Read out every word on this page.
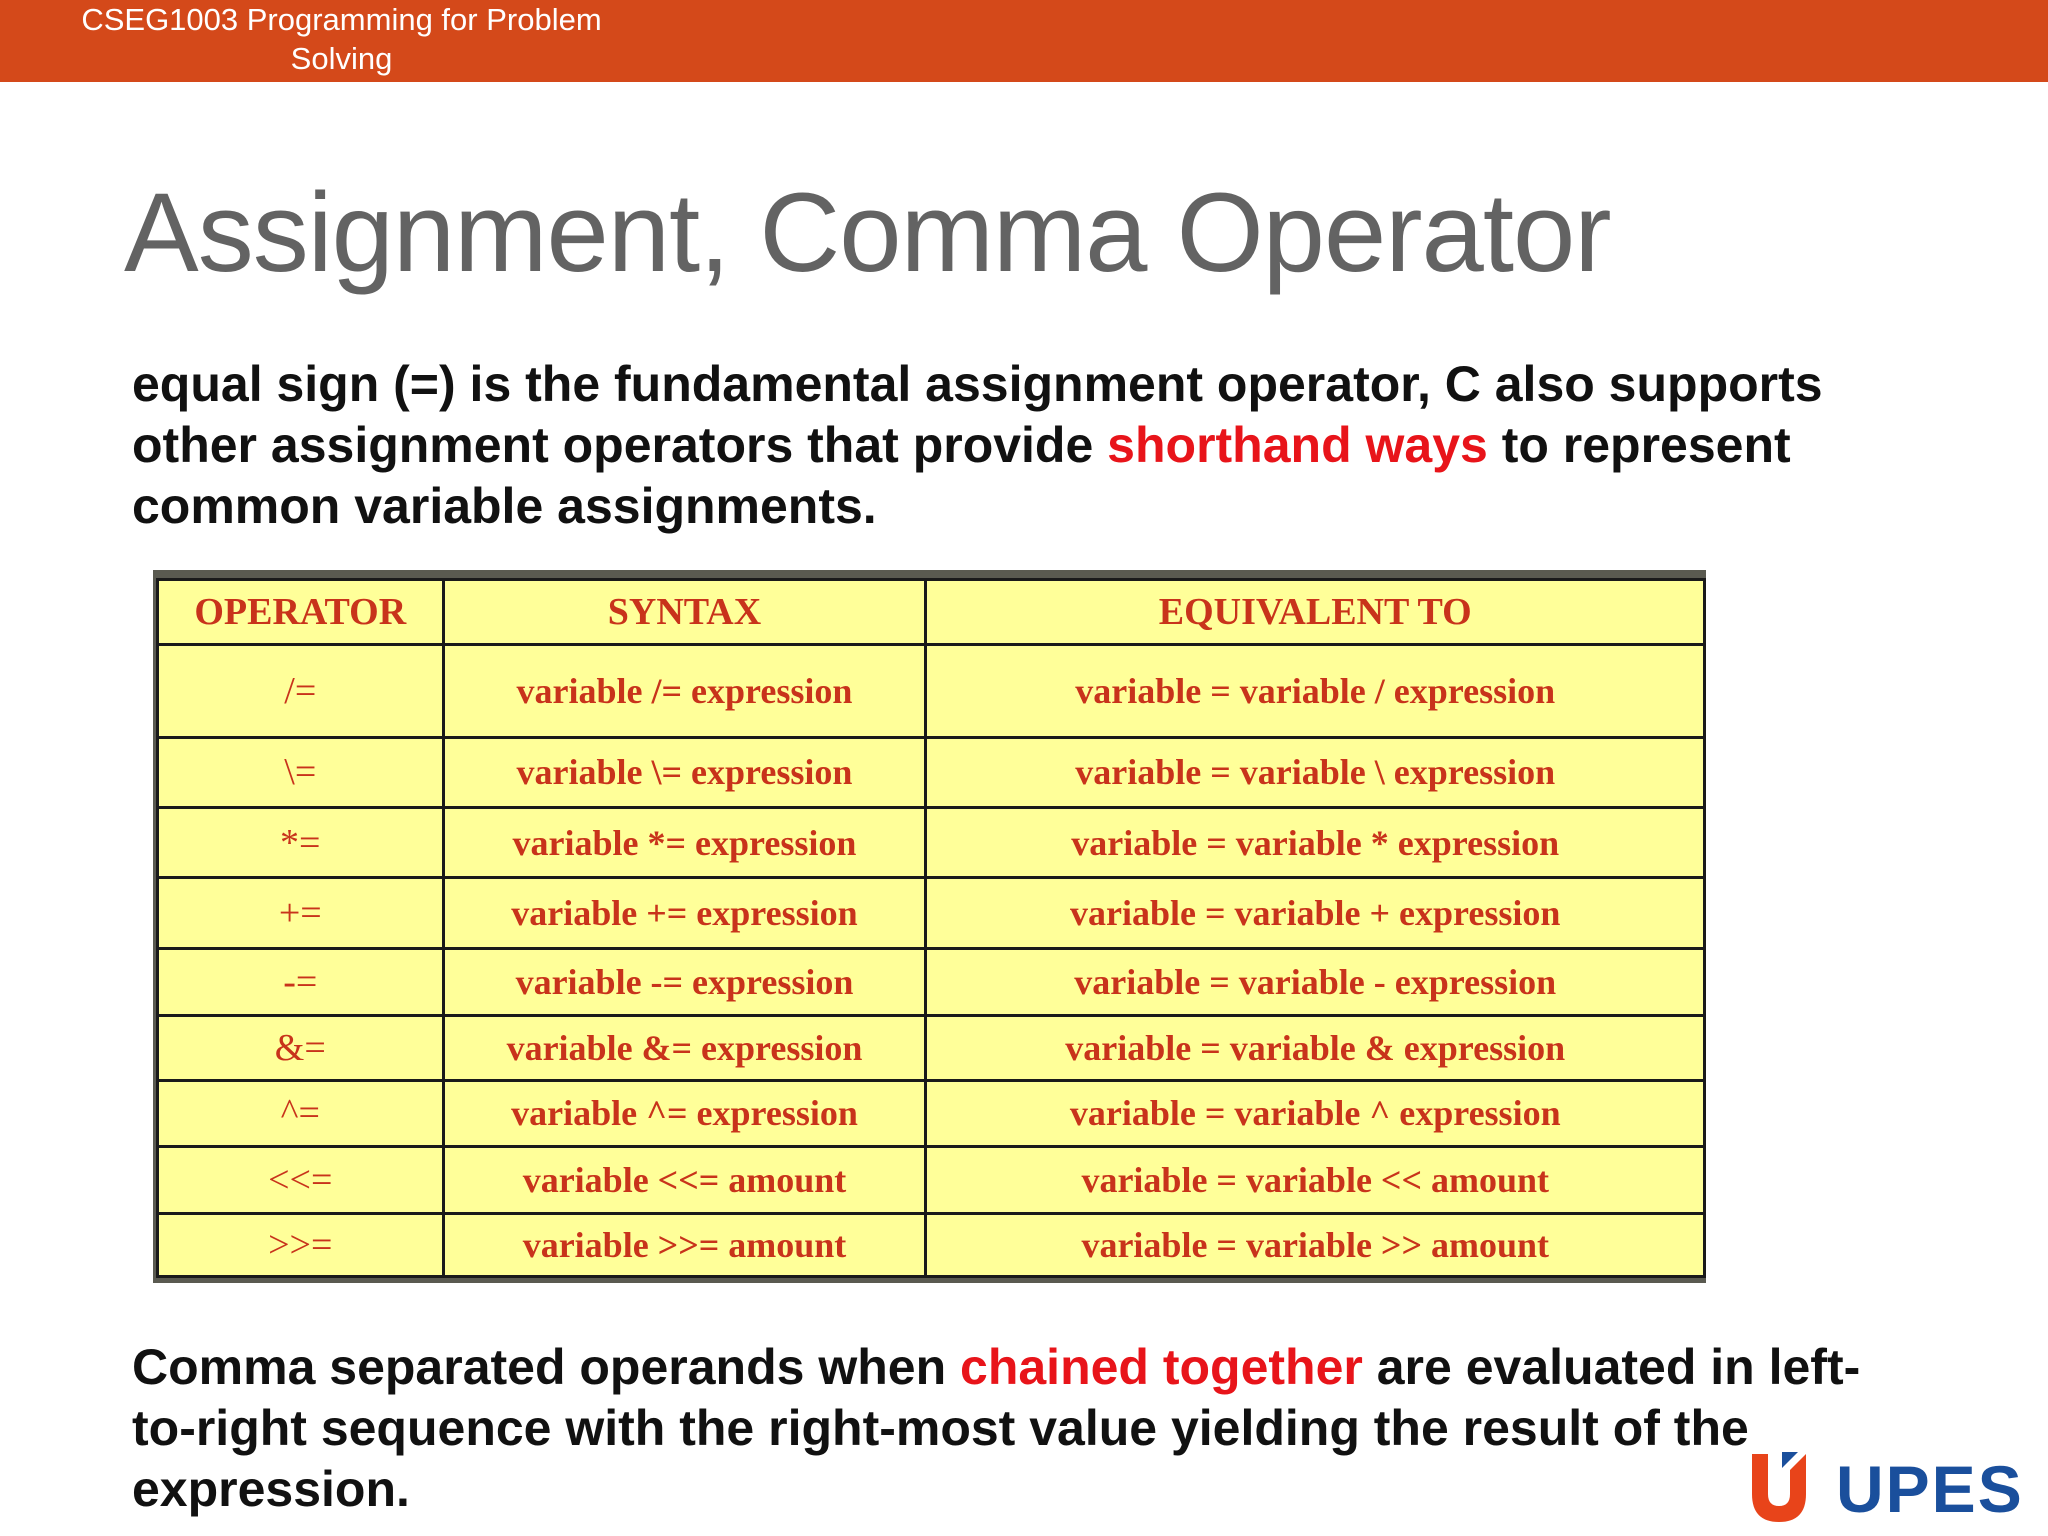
CSEG1003 Programming for Problem Solving
Assignment, Comma Operator
equal sign (=) is the fundamental assignment operator, C also supports other assignment operators that provide shorthand ways to represent common variable assignments.
OPERATOR	SYNTAX	EQUIVALENT TO
/=	variable /= expression	variable = variable / expression
\=	variable \= expression	variable = variable \ expression
*=	variable *= expression	variable = variable * expression
+=	variable += expression	variable = variable + expression
-=	variable -= expression	variable = variable - expression
&=	variable &= expression	variable = variable & expression
^=	variable ^= expression	variable = variable ^ expression
<<=	variable <<= amount	variable = variable << amount
>>=	variable >>= amount	variable = variable >> amount
Comma separated operands when chained together are evaluated in left-to-right sequence with the right-most value yielding the result of the expression.	UPES
